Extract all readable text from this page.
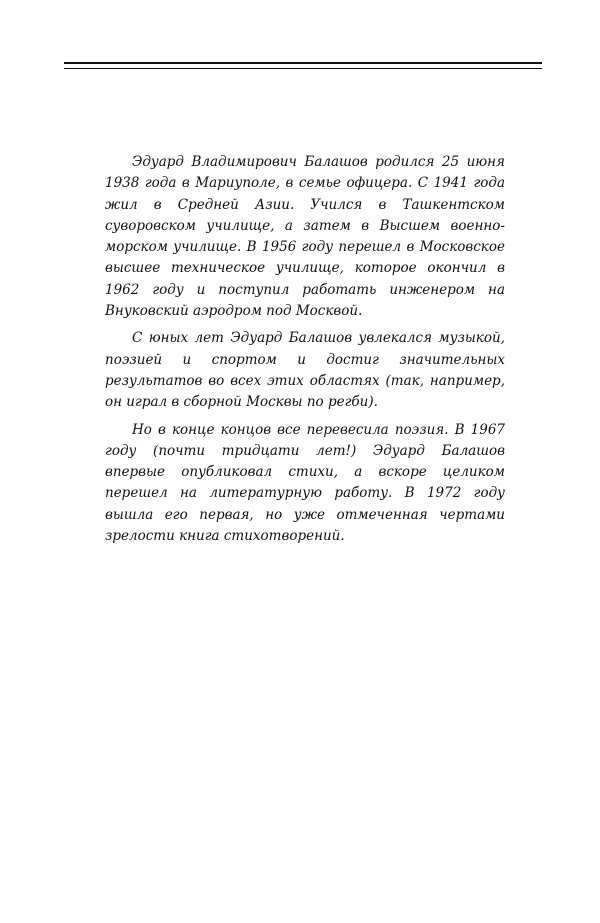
Эдуард Владимирович Балашов родился 25 июня 1938 года в Мариуполе, в семье офицера. С 1941 года жил в Средней Азии. Учился в Ташкентском суворовском училище, а затем в Высшем военно-морском училище. В 1956 году перешел в Московское высшее техническое училище, которое окончил в 1962 году и поступил работать инженером на Внуковский аэродром под Москвой.

С юных лет Эдуард Балашов увлекался музыкой, поэзией и спортом и достиг значительных результатов во всех этих областях (так, например, он играл в сборной Москвы по регби).

Но в конце концов все перевесила поэзия. В 1967 году (почти тридцати лет!) Эдуард Балашов впервые опубликовал стихи, а вскоре целиком перешел на литературную работу. В 1972 году вышла его первая, но уже отмеченная чертами зрелости книга стихотворений.
